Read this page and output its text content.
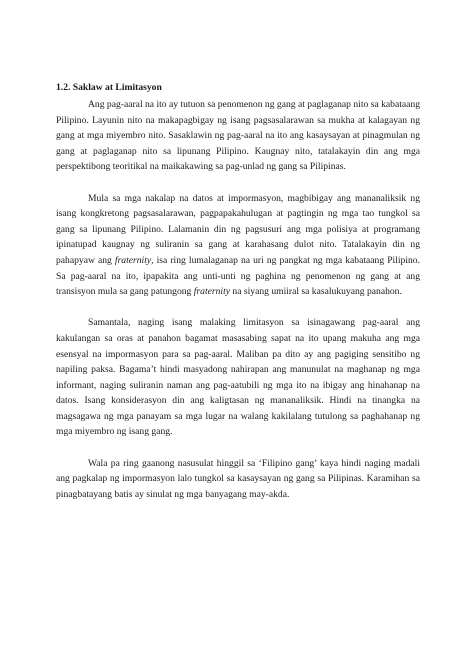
1.2. Saklaw at Limitasyon

Ang pag-aaral na ito ay tutuon sa penomenon ng gang at paglaganap nito sa kabataang Pilipino. Layunin nito na makapagbigay ng isang pagsasalarawan sa mukha at kalagayan ng gang at mga miyembro nito. Sasaklawin ng pag-aaral na ito ang kasaysayan at pinagmulan ng gang at paglaganap nito sa lipunang Pilipino. Kaugnay nito, tatalakayin din ang mga perspektibong teoritikal na maikakawing sa pag-unlad ng gang sa Pilipinas.

Mula sa mga nakalap na datos at impormasyon, magbibigay ang mananaliksik ng isang kongkretong pagsasalarawan, pagpapakahulugan at pagtingin ng mga tao tungkol sa gang sa lipunang Pilipino. Lalamanin din ng pagsusuri ang mga polisiya at programang ipinatupad kaugnay ng suliranin sa gang at karahasang dulot nito. Tatalakayin din ng pahapyaw ang fraternity, isa ring lumalaganap na uri ng pangkat ng mga kabataang Pilipino. Sa pag-aaral na ito, ipapakita ang unti-unti ng paghina ng penomenon ng gang at ang transisyon mula sa gang patungong fraternity na siyang umiiral sa kasalukuyang panahon.

Samantala, naging isang malaking limitasyon sa isinagawang pag-aaral ang kakulangan sa oras at panahon bagamat masasabing sapat na ito upang makuha ang mga esensyal na impormasyon para sa pag-aaral. Maliban pa dito ay ang pagiging sensitibo ng napiling paksa. Bagama’t hindi masyadong nahirapan ang manunulat na maghanap ng mga informant, naging suliranin naman ang pag-aatubili ng mga ito na ibigay ang hinahanap na datos. Isang konsiderasyon din ang kaligtasan ng mananaliksik. Hindi na tinangka na magsagawa ng mga panayam sa mga lugar na walang kakilalang tutulong sa paghahanap ng mga miyembro ng isang gang.

Wala pa ring gaanong nasusulat hinggil sa ‘Filipino gang’ kaya hindi naging madali ang pagkalap ng impormasyon lalo tungkol sa kasaysayan ng gang sa Pilipinas. Karamihan sa pinagbatayang batis ay sinulat ng mga banyagang may-akda.
